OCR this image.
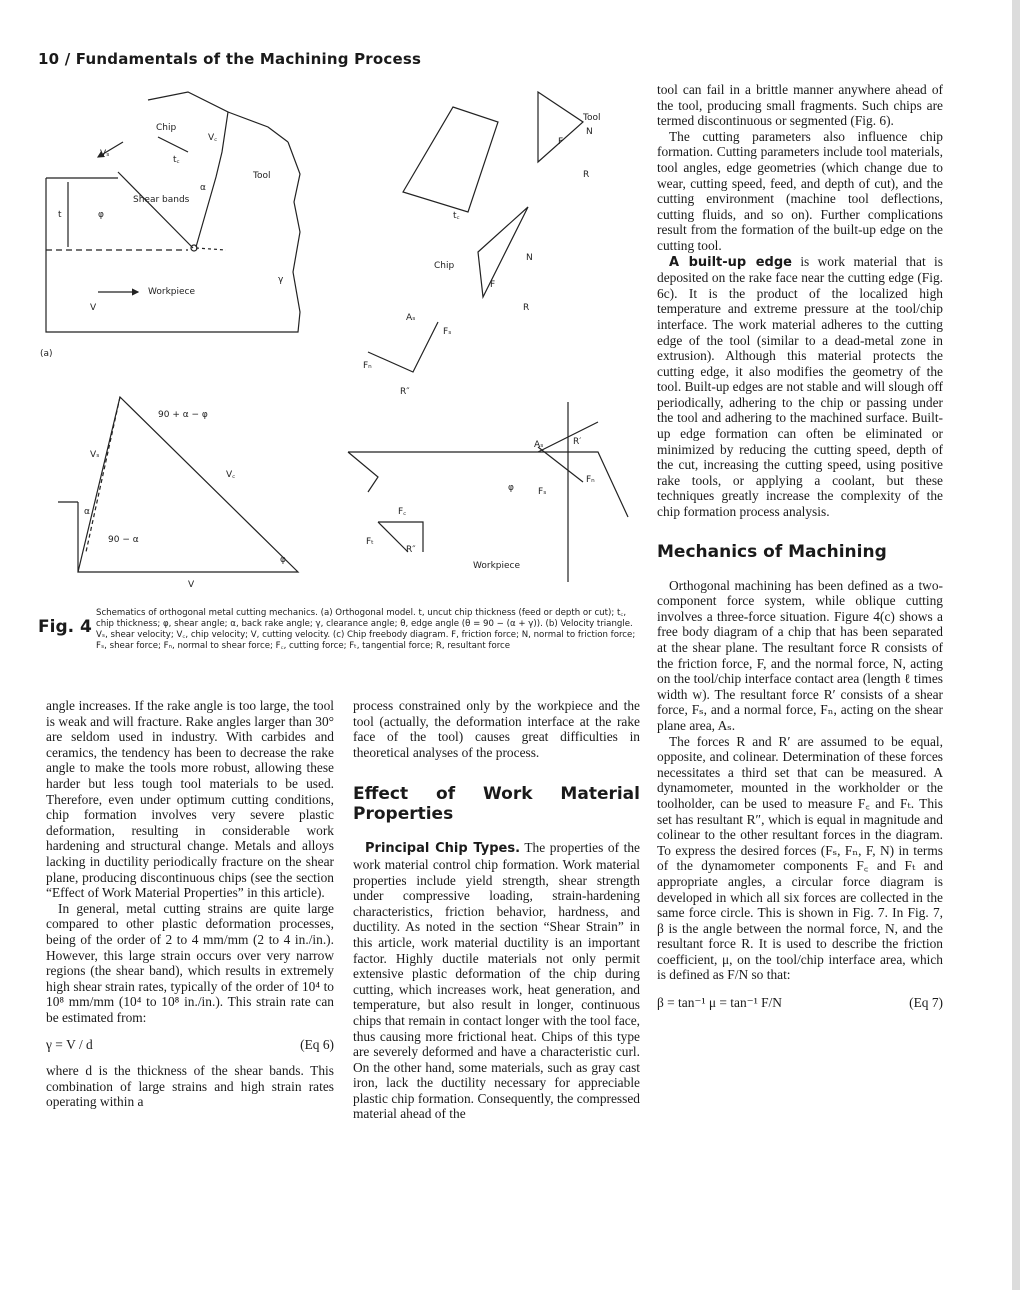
10 / Fundamentals of the Machining Process
Chip
Tool
Shear bands
Workpiece
V
Vₛ
V꜀
t꜀
t	φ
α
γ
(a)
90 + α − φ
Vₛ
V꜀
90 − α
α
φ
V
Tool
N
F
R
Chip
t꜀
N
F
R
Aₛ
Fₛ
Fₙ
R″
Aₛ	R′
Fₛ
Fₙ
φ
F꜀
Fₜ
R″
Workpiece
Fig. 4
Schematics of orthogonal metal cutting mechanics. (a) Orthogonal model. t, uncut chip thickness (feed or depth or cut); t꜀, chip thickness; φ, shear angle; α, back rake angle; γ, clearance angle; θ, edge angle (θ = 90 − (α + γ)). (b) Velocity triangle. Vₛ, shear velocity; V꜀, chip velocity; V, cutting velocity. (c) Chip freebody diagram. F, friction force; N, normal to friction force; Fₛ, shear force; Fₙ, normal to shear force; F꜀, cutting force; Fₜ, tangential force; R, resultant force

angle increases. If the rake angle is too large, the tool is weak and will fracture. Rake angles larger than 30° are seldom used in industry. With carbides and ceramics, the tendency has been to decrease the rake angle to make the tools more robust, allowing these harder but less tough tool materials to be used. Therefore, even under optimum cutting conditions, chip formation involves very severe plastic deformation, resulting in considerable work hardening and structural change. Metals and alloys lacking in ductility periodically fracture on the shear plane, producing discontinuous chips (see the section “Effect of Work Material Properties” in this article).

In general, metal cutting strains are quite large compared to other plastic deformation processes, being of the order of 2 to 4 mm/mm (2 to 4 in./in.). However, this large strain occurs over very narrow regions (the shear band), which results in extremely high shear strain rates, typically of the order of 10⁴ to 10⁸ mm/mm (10⁴ to 10⁸ in./in.). This strain rate can be estimated from:

γ = V / d	(Eq 6)

where d is the thickness of the shear bands. This combination of large strains and high strain rates operating within a

process constrained only by the workpiece and the tool (actually, the deformation interface at the rake face of the tool) causes great difficulties in theoretical analyses of the process.

Effect of Work Material Properties

Principal Chip Types. The properties of the work material control chip formation. Work material properties include yield strength, shear strength under compressive loading, strain-hardening characteristics, friction behavior, hardness, and ductility. As noted in the section “Shear Strain” in this article, work material ductility is an important factor. Highly ductile materials not only permit extensive plastic deformation of the chip during cutting, which increases work, heat generation, and temperature, but also result in longer, continuous chips that remain in contact longer with the tool face, thus causing more frictional heat. Chips of this type are severely deformed and have a characteristic curl. On the other hand, some materials, such as gray cast iron, lack the ductility necessary for appreciable plastic chip formation. Consequently, the compressed material ahead of the

tool can fail in a brittle manner anywhere ahead of the tool, producing small fragments. Such chips are termed discontinuous or segmented (Fig. 6).

The cutting parameters also influence chip formation. Cutting parameters include tool materials, tool angles, edge geometries (which change due to wear, cutting speed, feed, and depth of cut), and the cutting environment (machine tool deflections, cutting fluids, and so on). Further complications result from the formation of the built-up edge on the cutting tool.

A built-up edge is work material that is deposited on the rake face near the cutting edge (Fig. 6c). It is the product of the localized high temperature and extreme pressure at the tool/chip interface. The work material adheres to the cutting edge of the tool (similar to a dead-metal zone in extrusion). Although this material protects the cutting edge, it also modifies the geometry of the tool. Built-up edges are not stable and will slough off periodically, adhering to the chip or passing under the tool and adhering to the machined surface. Built-up edge formation can often be eliminated or minimized by reducing the cutting speed, depth of the cut, increasing the cutting speed, using positive rake tools, or applying a coolant, but these techniques greatly increase the complexity of the chip formation process analysis.

Mechanics of Machining

Orthogonal machining has been defined as a two-component force system, while oblique cutting involves a three-force situation. Figure 4(c) shows a free body diagram of a chip that has been separated at the shear plane. The resultant force R consists of the friction force, F, and the normal force, N, acting on the tool/chip interface contact area (length ℓ times width w). The resultant force R′ consists of a shear force, Fₛ, and a normal force, Fₙ, acting on the shear plane area, Aₛ.

The forces R and R′ are assumed to be equal, opposite, and colinear. Determination of these forces necessitates a third set that can be measured. A dynamometer, mounted in the workholder or the toolholder, can be used to measure F꜀ and Fₜ. This set has resultant R″, which is equal in magnitude and colinear to the other resultant forces in the diagram. To express the desired forces (Fₛ, Fₙ, F, N) in terms of the dynamometer components F꜀ and Fₜ and appropriate angles, a circular force diagram is developed in which all six forces are collected in the same force circle. This is shown in Fig. 7. In Fig. 7, β is the angle between the normal force, N, and the resultant force R. It is used to describe the friction coefficient, μ, on the tool/chip interface area, which is defined as F/N so that:

β = tan⁻¹ μ = tan⁻¹ F/N	(Eq 7)
